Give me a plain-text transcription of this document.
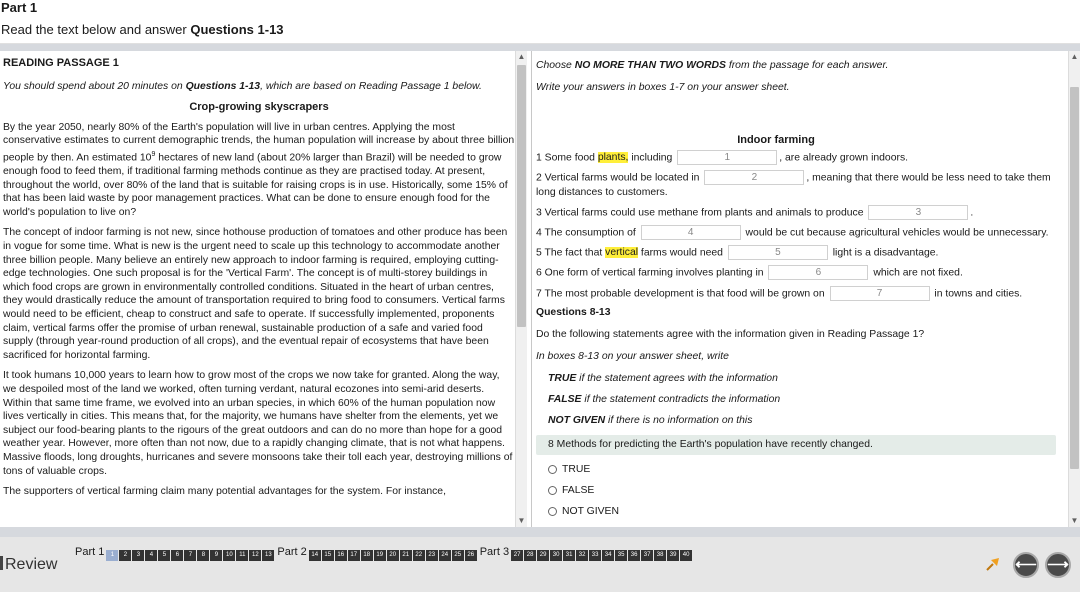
Part 1
Read the text below and answer Questions 1-13
READING PASSAGE 1
You should spend about 20 minutes on Questions 1-13, which are based on Reading Passage 1 below.
Crop-growing skyscrapers
By the year 2050, nearly 80% of the Earth's population will live in urban centres. Applying the most conservative estimates to current demographic trends, the human population will increase by about three billion people by then. An estimated $10^9$ hectares of new land (about 20% larger than Brazil) will be needed to grow enough food to feed them, if traditional farming methods continue as they are practised today. At present, throughout the world, over 80% of the land that is suitable for raising crops is in use. Historically, some 15% of that has been laid waste by poor management practices. What can be done to ensure enough food for the world's population to live on?
The concept of indoor farming is not new, since hothouse production of tomatoes and other produce has been in vogue for some time. What is new is the urgent need to scale up this technology to accommodate another three billion people. Many believe an entirely new approach to indoor farming is required, employing cutting-edge technologies. One such proposal is for the 'Vertical Farm'. The concept is of multi-storey buildings in which food crops are grown in environmentally controlled conditions. Situated in the heart of urban centres, they would drastically reduce the amount of transportation required to bring food to consumers. Vertical farms would need to be efficient, cheap to construct and safe to operate. If successfully implemented, proponents claim, vertical farms offer the promise of urban renewal, sustainable production of a safe and varied food supply (through year-round production of all crops), and the eventual repair of ecosystems that have been sacrificed for horizontal farming.
It took humans 10,000 years to learn how to grow most of the crops we now take for granted. Along the way, we despoiled most of the land we worked, often turning verdant, natural ecozones into semi-arid deserts. Within that same time frame, we evolved into an urban species, in which 60% of the human population now lives vertically in cities. This means that, for the majority, we humans have shelter from the elements, yet we subject our food-bearing plants to the rigours of the great outdoors and can do no more than hope for a good weather year. However, more often than not now, due to a rapidly changing climate, that is not what happens. Massive floods, long droughts, hurricanes and severe monsoons take their toll each year, destroying millions of tons of valuable crops.
The supporters of vertical farming claim many potential advantages for the system. For instance,
▲
▼
Choose NO MORE THAN TWO WORDS from the passage for each answer.
Write your answers in boxes 1-7 on your answer sheet.
Indoor farming
1 Some food plants, including	1	, are already grown indoors.
2 Vertical farms would be located in	2	, meaning that there would be less need to take them long distances to customers.
3 Vertical farms could use methane from plants and animals to produce	3	.
4 The consumption of	4	would be cut because agricultural vehicles would be unnecessary.
5 The fact that vertical farms would need	5	light is a disadvantage.
6 One form of vertical farming involves planting in	6	which are not fixed.
7 The most probable development is that food will be grown on	7	in towns and cities.
Questions 8-13
Do the following statements agree with the information given in Reading Passage 1?
In boxes 8-13 on your answer sheet, write
TRUE if the statement agrees with the information
FALSE if the statement contradicts the information
NOT GIVEN if there is no information on this
8 Methods for predicting the Earth's population have recently changed.
TRUE
FALSE
NOT GIVEN
▲
▼
Review
Part 1	1 2 3 4 5 6 7 8 9 10 11 12 13 Part 2 14 15 16 17 18 19 20 21 22 23 24 25 26 Part 3 27 28 29 30 31 32 33 34 35 36 37 38 39 40
⟵ ⟶
